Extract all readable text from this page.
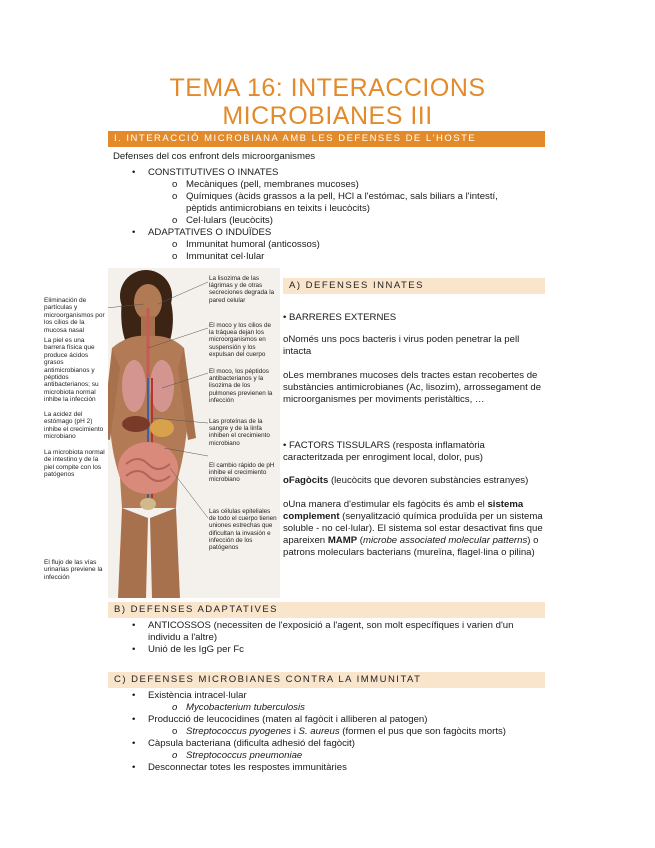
TEMA 16: INTERACCIONS
MICROBIANES III
I. INTERACCIÓ MICROBIANA AMB LES DEFENSES DE L'HOSTE
Defenses del cos enfront dels microorganismes
• CONSTITUTIVES O INNATES
o Mecàniques (pell, membranes mucoses)
o Químiques (àcids grassos a la pell, HCl a l'estómac, sals biliars a l'intestí,
pèptids antimicrobians en teixits i leucòcits)
o Cel·lulars (leucòcits)
• ADAPTATIVES O INDUÏDES
o Immunitat humoral (anticossos)
o Immunitat cel·lular
Eliminación de partículas y microorganismos por los cilios de la mucosa nasal
La piel es una barrera física que produce ácidos grasos antimicrobianos y péptidos antibacterianos; su microbiota normal inhibe la infección
La acidez del estómago (pH 2) inhibe el crecimiento microbiano
La microbiota normal de intestino y de la piel compite con los patógenos
El flujo de las vías urinarias previene la infección
La lisozima de las lágrimas y de otras secreciones degrada la pared celular
El moco y los cilios de la tráquea dejan los microorganismos en suspensión y los expulsan del cuerpo
El moco, los péptidos antibacterianos y la lisozima de los pulmones previenen la infección
Las proteínas de la sangre y de la linfa inhiben el crecimiento microbiano
El cambio rápido de pH inhibe el crecimiento microbiano
Las células epiteliales de todo el cuerpo tienen uniones estrechas que dificultan la invasión e infección de los patógenos
A) DEFENSES INNATES
• BARRERES EXTERNES
oNomés uns pocs bacteris i virus poden penetrar la pell intacta
oLes membranes mucoses dels tractes estan recobertes de substàncies antimicrobianes (Ac, lisozim), arrossegament de microorganismes per moviments peristàltics, …
• FACTORS TISSULARS (resposta inflamatòria caracteritzada per enrogiment local, dolor, pus)
oFagòcits (leucòcits que devoren substàncies estranyes)
oUna manera d'estimular els fagòcits és amb el sistema complement (senyalització química produïda per un sistema soluble - no cel·lular). El sistema sol estar desactivat fins que apareixen MAMP (microbe associated molecular patterns) o patrons moleculars bacterians (mureïna, flagel·lina o pilina)
B) DEFENSES ADAPTATIVES
• ANTICOSSOS (necessiten de l'exposició a l'agent, son molt específiques i varien d'un
individu a l'altre)
• Unió de les IgG per Fc
C) DEFENSES MICROBIANES CONTRA LA IMMUNITAT
• Existència intracel·lular
o Mycobacterium tuberculosis
• Producció de leucocidines (maten al fagòcit i alliberen al patogen)
o Streptococcus pyogenes i S. aureus (formen el pus que son fagòcits morts)
• Càpsula bacteriana (dificulta adhesió del fagòcit)
o Streptococcus pneumoniae
• Desconnectar totes les respostes immunitàries
